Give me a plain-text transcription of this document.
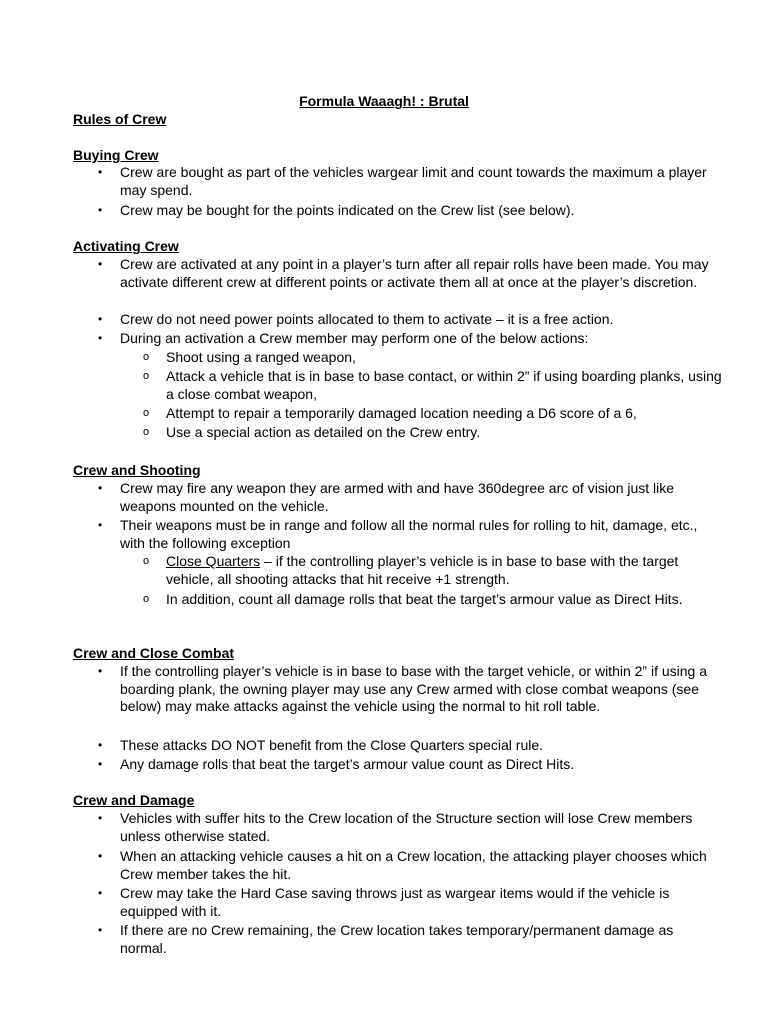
Formula Waaagh! : Brutal
Rules of Crew
Buying Crew
• Crew are bought as part of the vehicles wargear limit and count towards the maximum a player may spend.
• Crew may be bought for the points indicated on the Crew list (see below).
Activating Crew
• Crew are activated at any point in a player’s turn after all repair rolls have been made. You may activate different crew at different points or activate them all at once at the player’s discretion.
• Crew do not need power points allocated to them to activate – it is a free action.
• During an activation a Crew member may perform one of the below actions:
o Shoot using a ranged weapon,
o Attack a vehicle that is in base to base contact, or within 2” if using boarding planks, using a close combat weapon,
o Attempt to repair a temporarily damaged location needing a D6 score of a 6,
o Use a special action as detailed on the Crew entry.
Crew and Shooting
• Crew may fire any weapon they are armed with and have 360degree arc of vision just like weapons mounted on the vehicle.
• Their weapons must be in range and follow all the normal rules for rolling to hit, damage, etc., with the following exception
o Close Quarters – if the controlling player’s vehicle is in base to base with the target vehicle, all shooting attacks that hit receive +1 strength.
o In addition, count all damage rolls that beat the target’s armour value as Direct Hits.
Crew and Close Combat
• If the controlling player’s vehicle is in base to base with the target vehicle, or within 2” if using a boarding plank, the owning player may use any Crew armed with close combat weapons (see below) may make attacks against the vehicle using the normal to hit roll table.
• These attacks DO NOT benefit from the Close Quarters special rule.
• Any damage rolls that beat the target’s armour value count as Direct Hits.
Crew and Damage
• Vehicles with suffer hits to the Crew location of the Structure section will lose Crew members unless otherwise stated.
• When an attacking vehicle causes a hit on a Crew location, the attacking player chooses which Crew member takes the hit.
• Crew may take the Hard Case saving throws just as wargear items would if the vehicle is equipped with it.
• If there are no Crew remaining, the Crew location takes temporary/permanent damage as normal.
